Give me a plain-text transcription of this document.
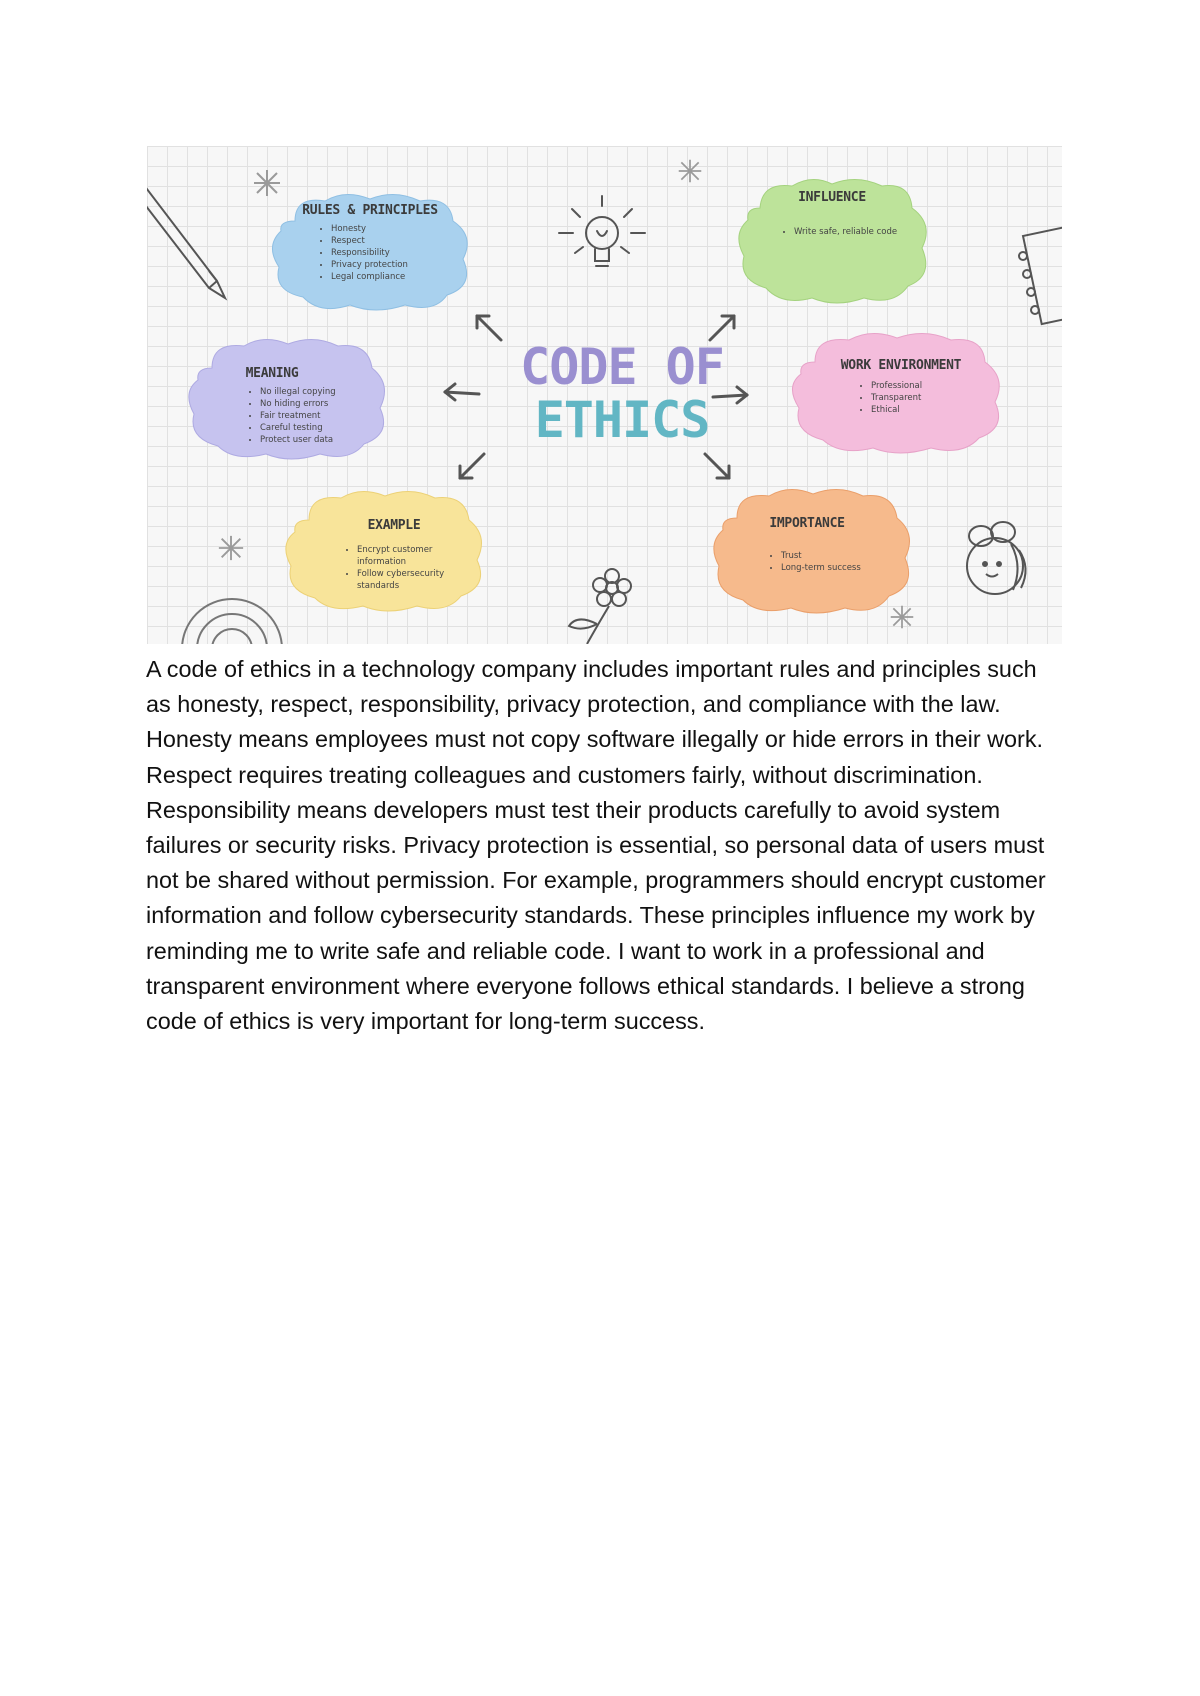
CODE OF
ETHICS
RULES & PRINCIPLES
• Honesty
• Respect
• Responsibility
• Privacy protection
• Legal compliance
INFLUENCE
• Write safe, reliable code
MEANING
• No illegal copying
• No hiding errors
• Fair treatment
• Careful testing
• Protect user data
WORK ENVIRONMENT
• Professional
• Transparent
• Ethical
EXAMPLE
• Encrypt customer information
• Follow cybersecurity standards
IMPORTANCE
• Trust
• Long-term success

A code of ethics in a technology company includes important rules and principles such as honesty, respect, responsibility, privacy protection, and compliance with the law. Honesty means employees must not copy software illegally or hide errors in their work. Respect requires treating colleagues and customers fairly, without discrimination. Responsibility means developers must test their products carefully to avoid system failures or security risks. Privacy protection is essential, so personal data of users must not be shared without permission. For example, programmers should encrypt customer information and follow cybersecurity standards. These principles influence my work by reminding me to write safe and reliable code. I want to work in a professional and transparent environment where everyone follows ethical standards. I believe a strong code of ethics is very important for long-term success.
